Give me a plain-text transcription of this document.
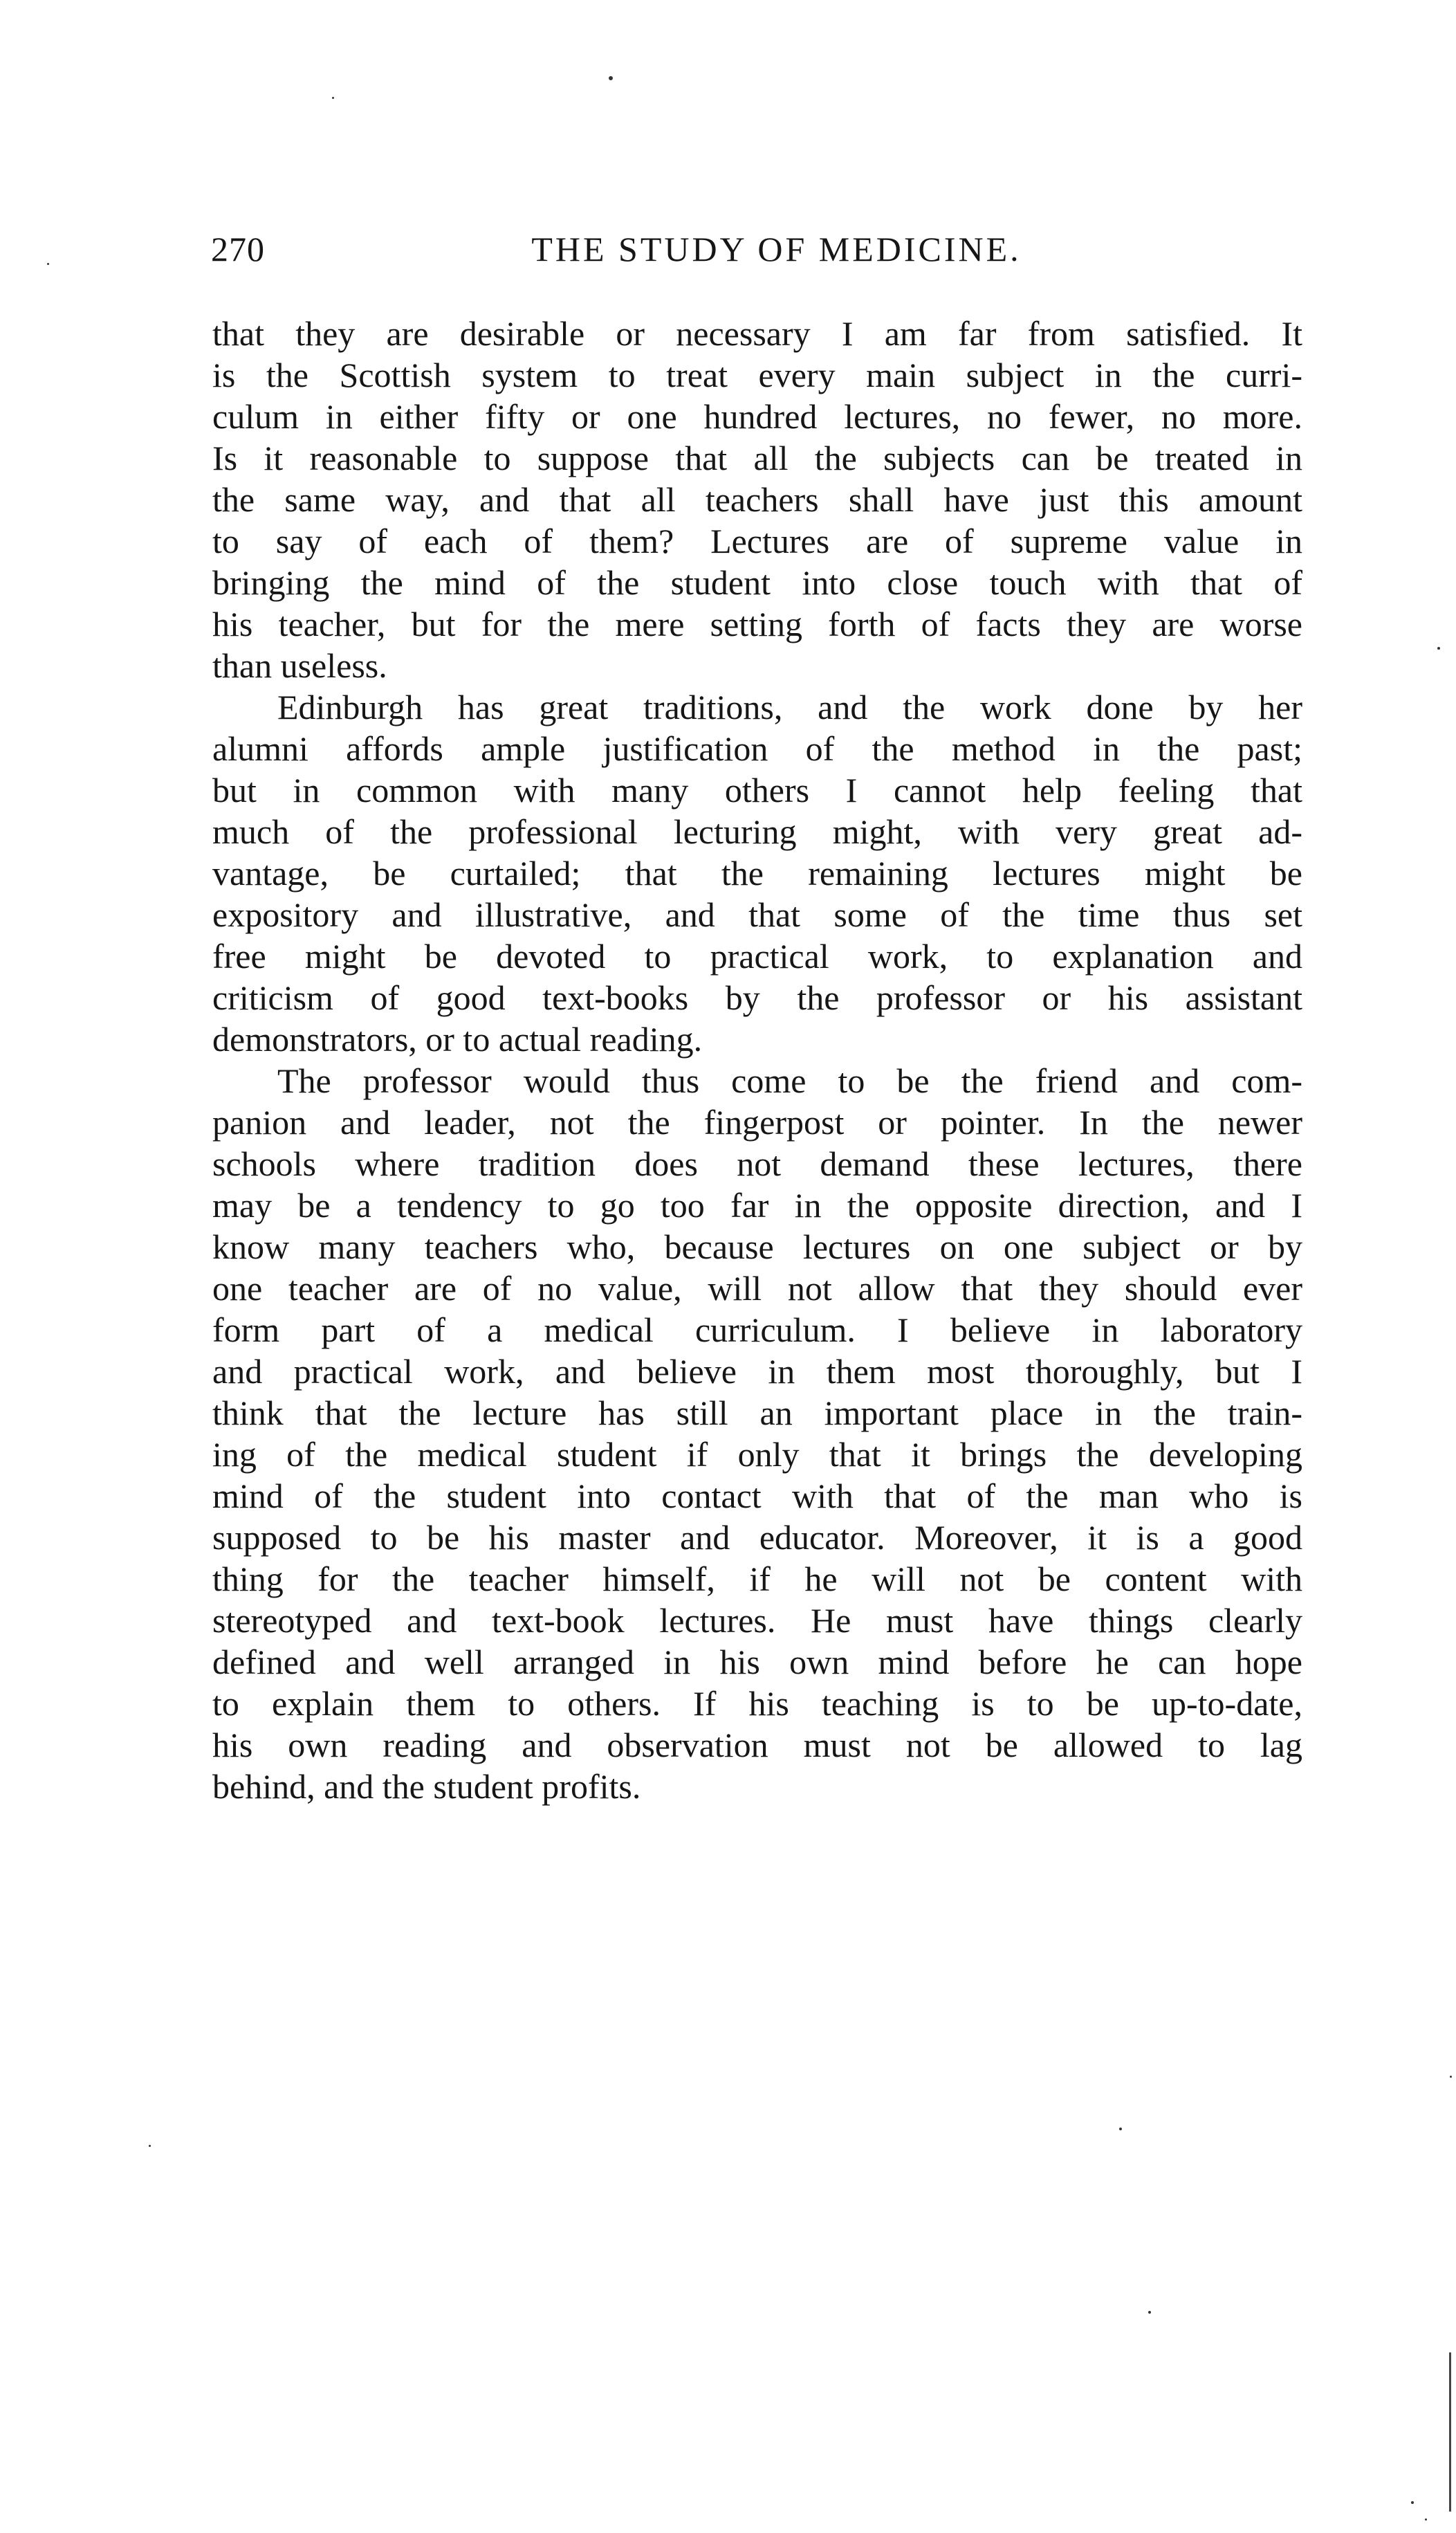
270	THE STUDY OF MEDICINE.
that they are desirable or necessary I am far from satisfied. It
is the Scottish system to treat every main subject in the curri-
culum in either fifty or one hundred lectures, no fewer, no more.
Is it reasonable to suppose that all the subjects can be treated in
the same way, and that all teachers shall have just this amount
to say of each of them? Lectures are of supreme value in
bringing the mind of the student into close touch with that of
his teacher, but for the mere setting forth of facts they are worse
than useless.
Edinburgh has great traditions, and the work done by her
alumni affords ample justification of the method in the past;
but in common with many others I cannot help feeling that
much of the professional lecturing might, with very great ad-
vantage, be curtailed; that the remaining lectures might be
expository and illustrative, and that some of the time thus set
free might be devoted to practical work, to explanation and
criticism of good text-books by the professor or his assistant
demonstrators, or to actual reading.
The professor would thus come to be the friend and com-
panion and leader, not the fingerpost or pointer. In the newer
schools where tradition does not demand these lectures, there
may be a tendency to go too far in the opposite direction, and I
know many teachers who, because lectures on one subject or by
one teacher are of no value, will not allow that they should ever
form part of a medical curriculum. I believe in laboratory
and practical work, and believe in them most thoroughly, but I
think that the lecture has still an important place in the train-
ing of the medical student if only that it brings the developing
mind of the student into contact with that of the man who is
supposed to be his master and educator. Moreover, it is a good
thing for the teacher himself, if he will not be content with
stereotyped and text-book lectures. He must have things clearly
defined and well arranged in his own mind before he can hope
to explain them to others. If his teaching is to be up-to-date,
his own reading and observation must not be allowed to lag
behind, and the student profits.
